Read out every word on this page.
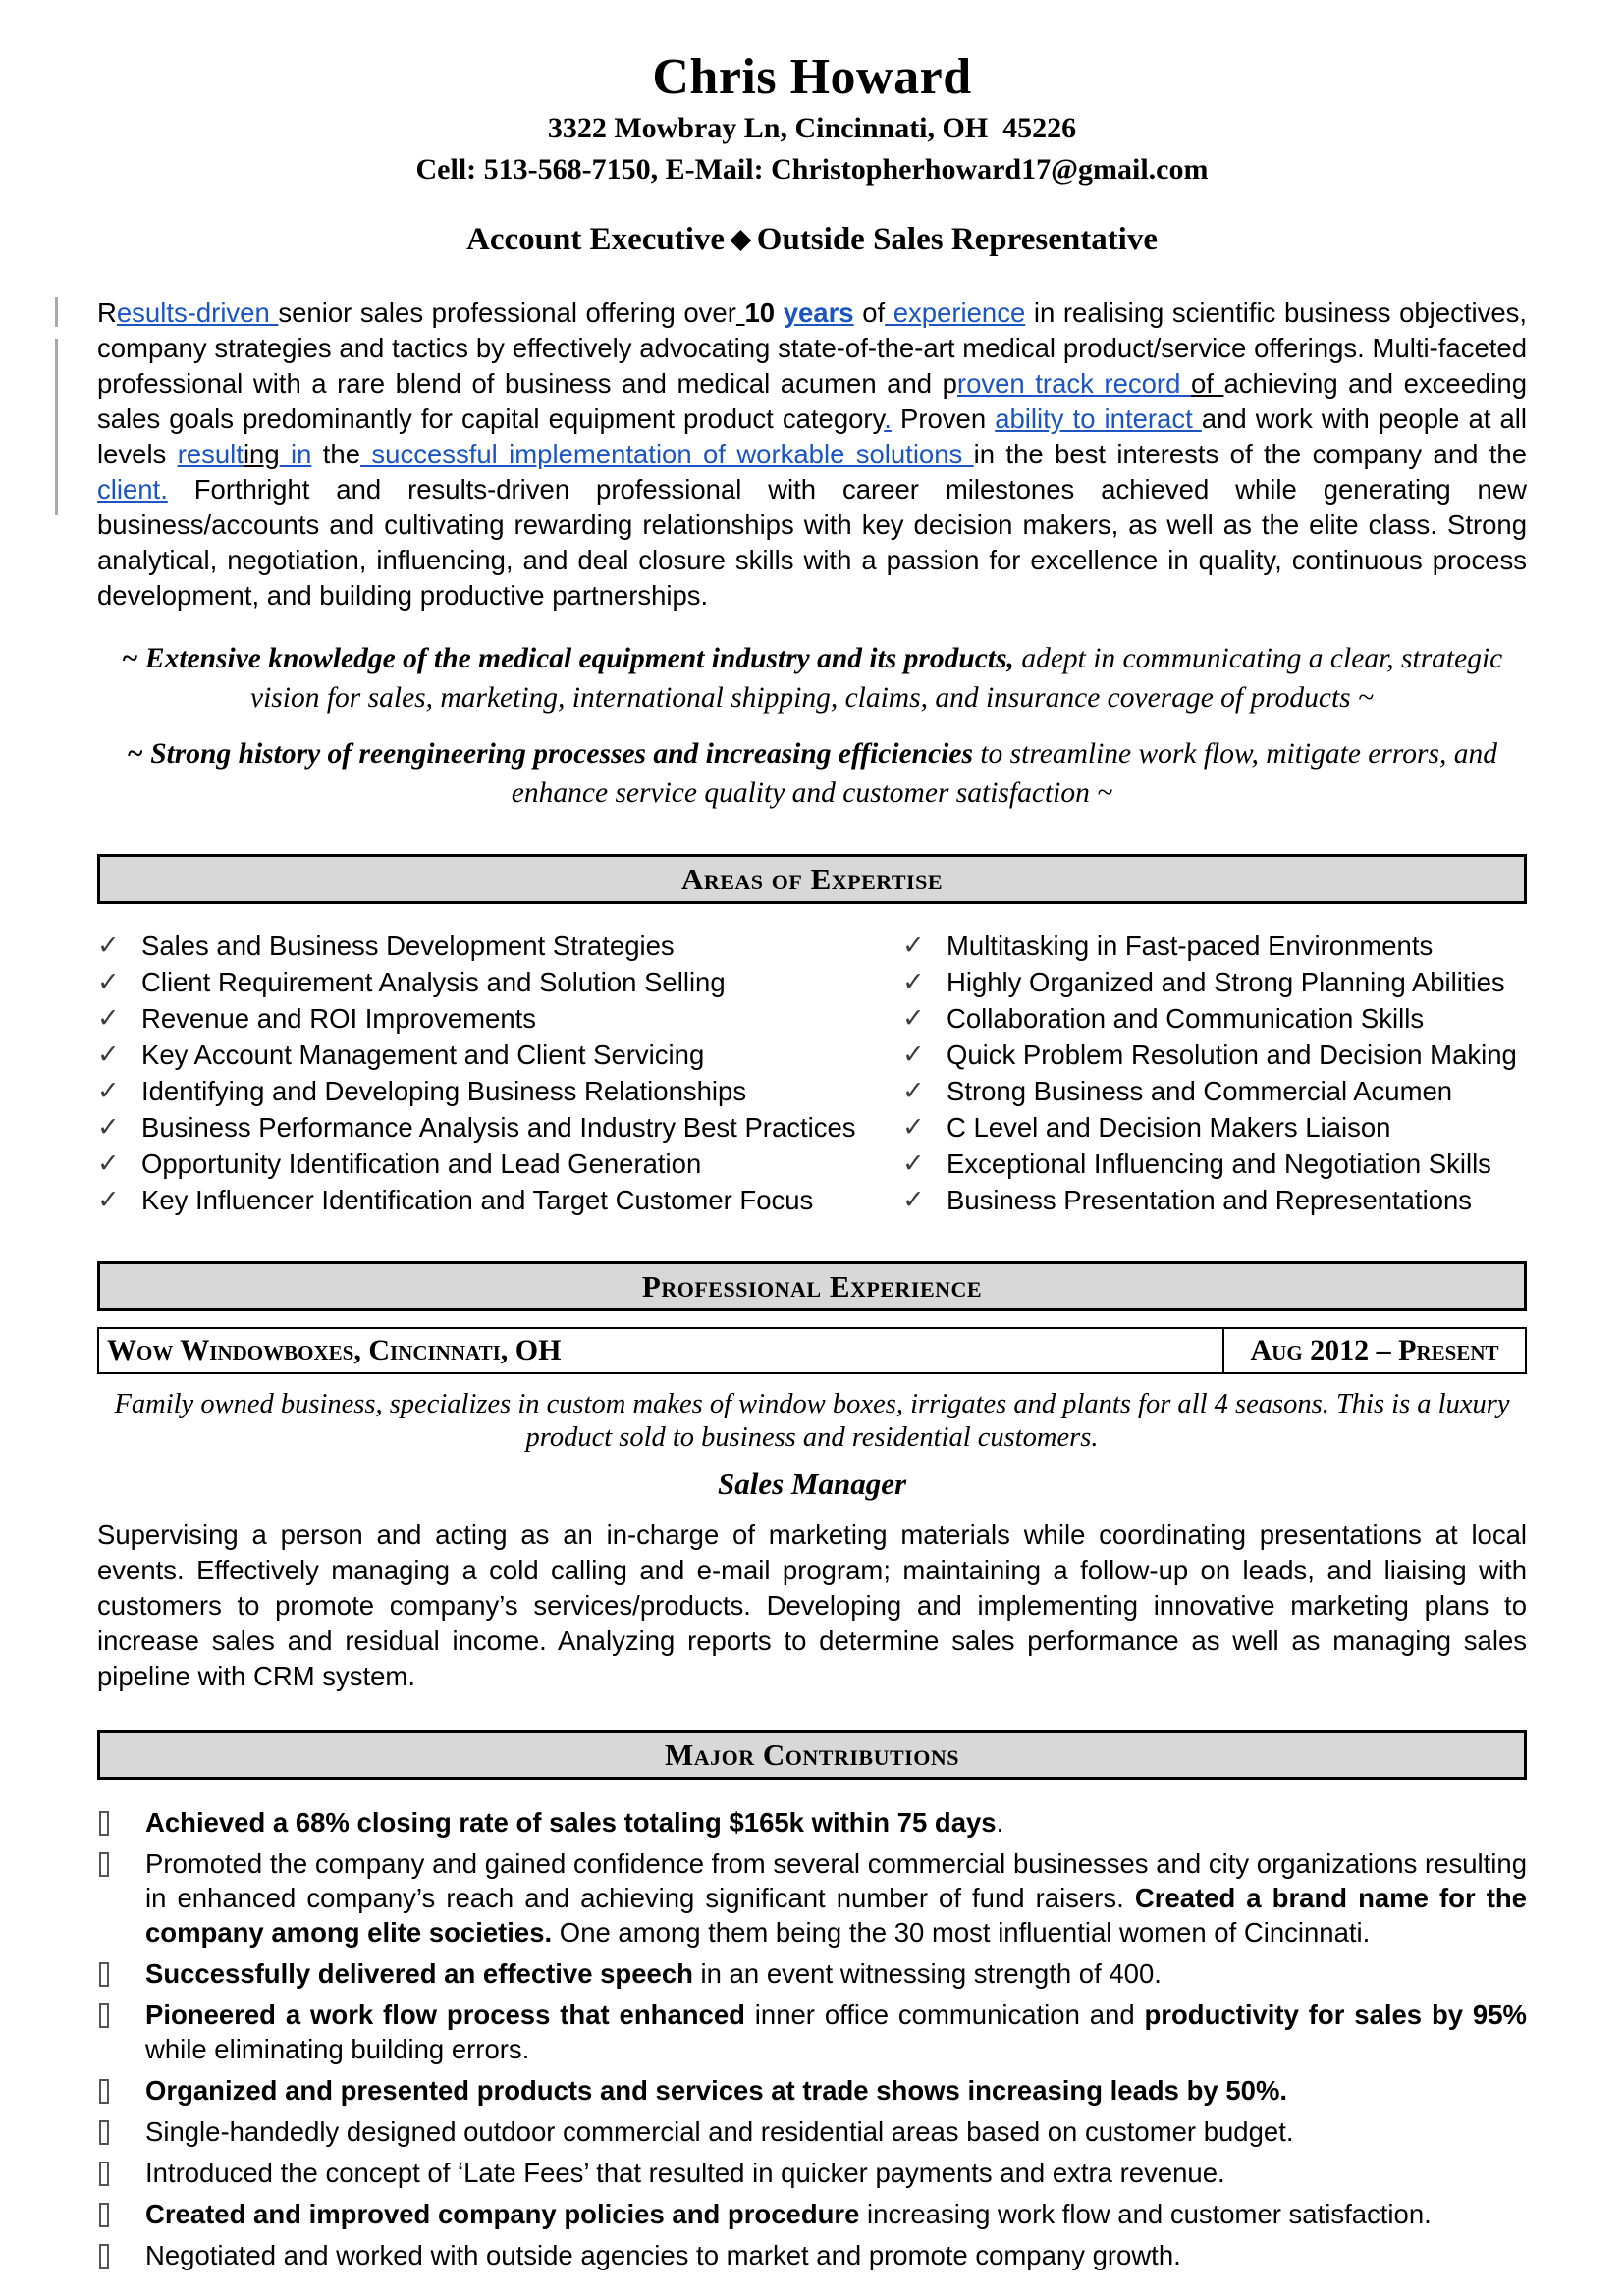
Chris Howard
3322 Mowbray Ln, Cincinnati, OH  45226
Cell: 513-568-7150, E-Mail: Christopherhoward17@gmail.com
Account Executive ◆ Outside Sales Representative
Results-driven senior sales professional offering over 10 years of experience in realising scientific business objectives, company strategies and tactics by effectively advocating state-of-the-art medical product/service offerings. Multi-faceted professional with a rare blend of business and medical acumen and proven track record of achieving and exceeding sales goals predominantly for capital equipment product category. Proven ability to interact and work with people at all levels resulting in the successful implementation of workable solutions in the best interests of the company and the client. Forthright and results-driven professional with career milestones achieved while generating new business/accounts and cultivating rewarding relationships with key decision makers, as well as the elite class. Strong analytical, negotiation, influencing, and deal closure skills with a passion for excellence in quality, continuous process development, and building productive partnerships.
~ Extensive knowledge of the medical equipment industry and its products, adept in communicating a clear, strategic vision for sales, marketing, international shipping, claims, and insurance coverage of products ~
~ Strong history of reengineering processes and increasing efficiencies to streamline work flow, mitigate errors, and enhance service quality and customer satisfaction ~
Areas of Expertise
✓ Sales and Business Development Strategies
✓ Client Requirement Analysis and Solution Selling
✓ Revenue and ROI Improvements
✓ Key Account Management and Client Servicing
✓ Identifying and Developing Business Relationships
✓ Business Performance Analysis and Industry Best Practices
✓ Opportunity Identification and Lead Generation
✓ Key Influencer Identification and Target Customer Focus
✓ Multitasking in Fast-paced Environments
✓ Highly Organized and Strong Planning Abilities
✓ Collaboration and Communication Skills
✓ Quick Problem Resolution and Decision Making
✓ Strong Business and Commercial Acumen
✓ C Level and Decision Makers Liaison
✓ Exceptional Influencing and Negotiation Skills
✓ Business Presentation and Representations
Professional Experience
Wow Windowboxes, Cincinnati, OH	Aug 2012 – Present
Family owned business, specializes in custom makes of window boxes, irrigates and plants for all 4 seasons. This is a luxury product sold to business and residential customers.
Sales Manager
Supervising a person and acting as an in-charge of marketing materials while coordinating presentations at local events. Effectively managing a cold calling and e-mail program; maintaining a follow-up on leads, and liaising with customers to promote company’s services/products. Developing and implementing innovative marketing plans to increase sales and residual income. Analyzing reports to determine sales performance as well as managing sales pipeline with CRM system.
Major Contributions
Achieved a 68% closing rate of sales totaling $165k within 75 days.
Promoted the company and gained confidence from several commercial businesses and city organizations resulting in enhanced company’s reach and achieving significant number of fund raisers. Created a brand name for the company among elite societies. One among them being the 30 most influential women of Cincinnati.
Successfully delivered an effective speech in an event witnessing strength of 400.
Pioneered a work flow process that enhanced inner office communication and productivity for sales by 95% while eliminating building errors.
Organized and presented products and services at trade shows increasing leads by 50%.
Single-handedly designed outdoor commercial and residential areas based on customer budget.
Introduced the concept of ‘Late Fees’ that resulted in quicker payments and extra revenue.
Created and improved company policies and procedure increasing work flow and customer satisfaction.
Negotiated and worked with outside agencies to market and promote company growth.
